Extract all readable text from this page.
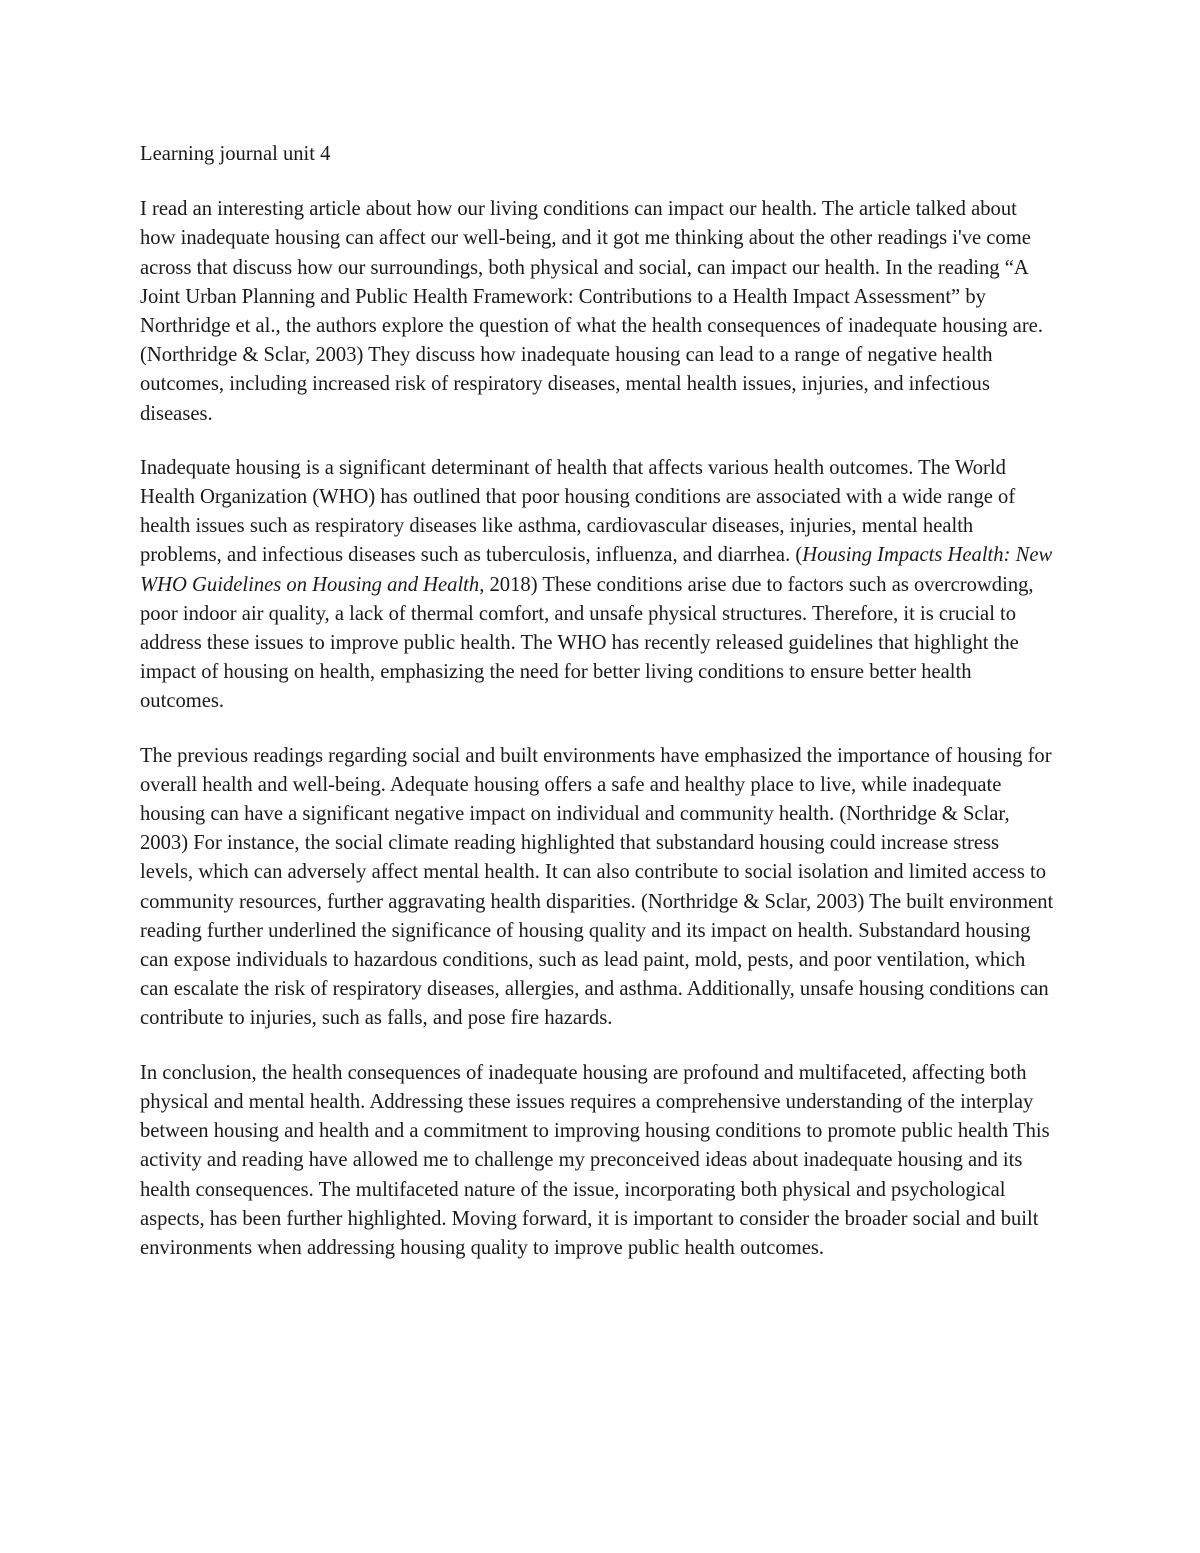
Learning journal unit 4

I read an interesting article about how our living conditions can impact our health. The article talked about how inadequate housing can affect our well-being, and it got me thinking about the other readings i've come across that discuss how our surroundings, both physical and social, can impact our health. In the reading “A Joint Urban Planning and Public Health Framework: Contributions to a Health Impact Assessment” by Northridge et al., the authors explore the question of what the health consequences of inadequate housing are. (Northridge & Sclar, 2003) They discuss how inadequate housing can lead to a range of negative health outcomes, including increased risk of respiratory diseases, mental health issues, injuries, and infectious diseases.

Inadequate housing is a significant determinant of health that affects various health outcomes. The World Health Organization (WHO) has outlined that poor housing conditions are associated with a wide range of health issues such as respiratory diseases like asthma, cardiovascular diseases, injuries, mental health problems, and infectious diseases such as tuberculosis, influenza, and diarrhea. (Housing Impacts Health: New WHO Guidelines on Housing and Health, 2018) These conditions arise due to factors such as overcrowding, poor indoor air quality, a lack of thermal comfort, and unsafe physical structures. Therefore, it is crucial to address these issues to improve public health. The WHO has recently released guidelines that highlight the impact of housing on health, emphasizing the need for better living conditions to ensure better health outcomes.

The previous readings regarding social and built environments have emphasized the importance of housing for overall health and well-being. Adequate housing offers a safe and healthy place to live, while inadequate housing can have a significant negative impact on individual and community health. (Northridge & Sclar, 2003) For instance, the social climate reading highlighted that substandard housing could increase stress levels, which can adversely affect mental health. It can also contribute to social isolation and limited access to community resources, further aggravating health disparities. (Northridge & Sclar, 2003) The built environment reading further underlined the significance of housing quality and its impact on health. Substandard housing can expose individuals to hazardous conditions, such as lead paint, mold, pests, and poor ventilation, which can escalate the risk of respiratory diseases, allergies, and asthma. Additionally, unsafe housing conditions can contribute to injuries, such as falls, and pose fire hazards.

In conclusion, the health consequences of inadequate housing are profound and multifaceted, affecting both physical and mental health. Addressing these issues requires a comprehensive understanding of the interplay between housing and health and a commitment to improving housing conditions to promote public health This activity and reading have allowed me to challenge my preconceived ideas about inadequate housing and its health consequences. The multifaceted nature of the issue, incorporating both physical and psychological aspects, has been further highlighted. Moving forward, it is important to consider the broader social and built environments when addressing housing quality to improve public health outcomes.
